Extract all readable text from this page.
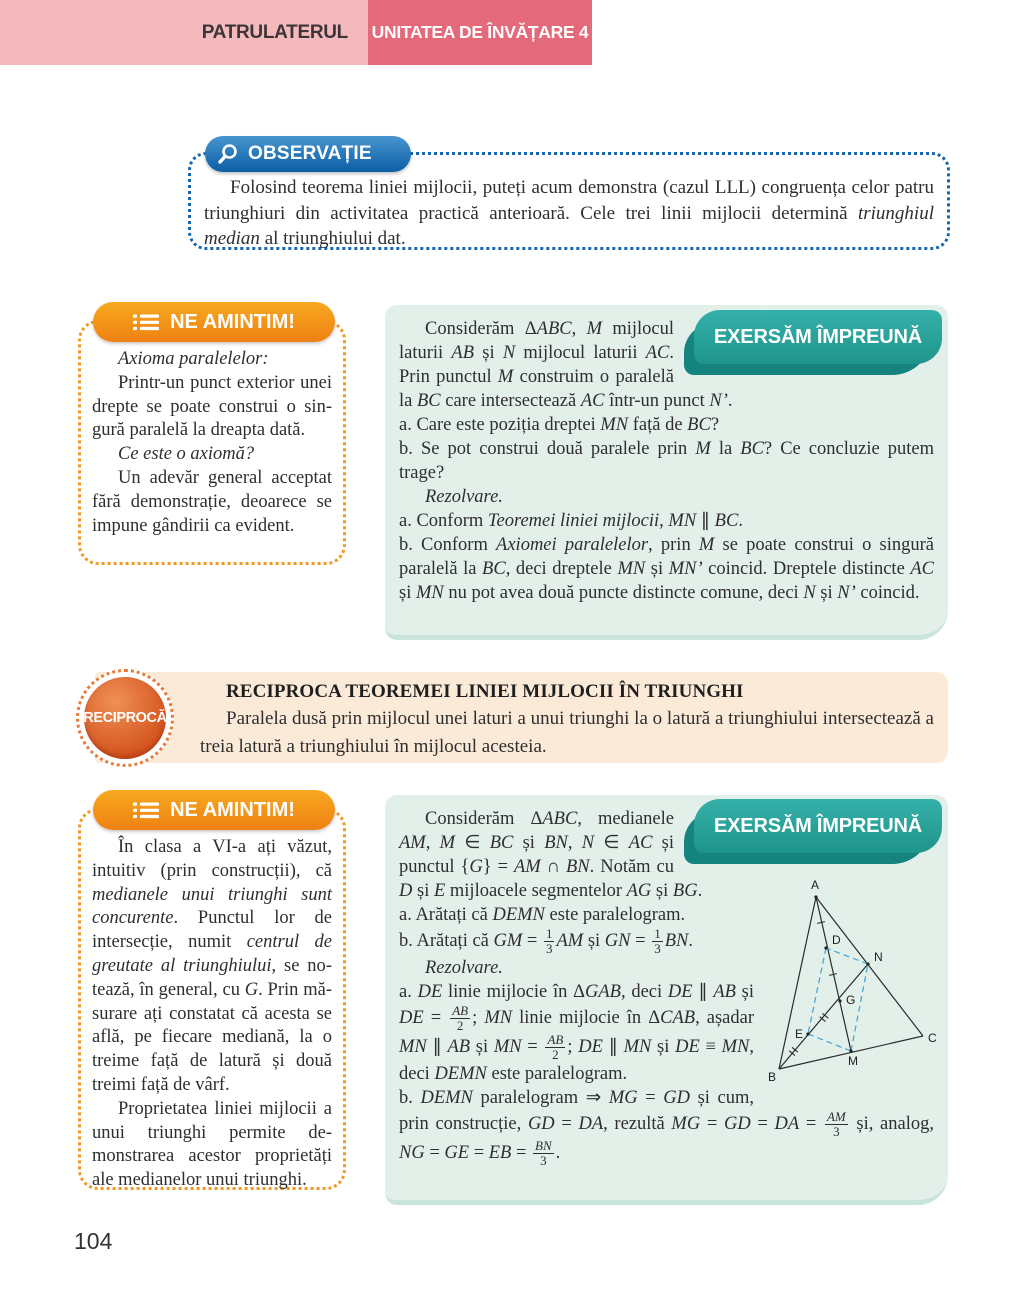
PATRULATERUL UNITATEA DE ÎNVĂȚARE 4
OBSERVAȚIE

Folosind teorema liniei mijlocii, puteți acum demonstra (cazul LLL) congruența celor patru triunghiuri din activitatea practică anterioară. Cele trei linii mijlocii determină triunghiul median al triunghiului dat.

NE AMINTIM!

Axioma paralelelor:

Printr-un punct exterior unei drepte se poate construi o singură paralelă la dreapta dată.

Ce este o axiomă?

Un adevăr general acceptat fără demonstrație, deoarece se impune gândirii ca evident.

EXERSĂM ÎMPREUNĂ

Considerăm ΔABC, M mijlocul laturii AB și N mijlocul laturii AC. Prin punctul M construim o paralelă la BC care intersectează AC într-un punct N’.

a. Care este poziția dreptei MN față de BC?

b. Se pot construi două paralele prin M la BC? Ce concluzie putem trage?

Rezolvare.

a. Conform Teoremei liniei mijlocii, MN ∥ BC.

b. Conform Axiomei paralelelor, prin M se poate construi o singură paralelă la BC, deci dreptele MN și MN’ coincid. Dreptele distincte AC și MN nu pot avea două puncte distincte comune, deci N și N’ coincid.

RECIPROCA TEOREMEI LINIEI MIJLOCII ÎN TRIUNGHI

Paralela dusă prin mijlocul unei laturi a unui triunghi la o latură a triunghiului intersectează a treia latură a triunghiului în mijlocul acesteia.

RECIPROCĂ
NE AMINTIM!

În clasa a VI-a ați văzut, intuitiv (prin construcții), că medianele unui triunghi sunt concurente. Punctul lor de intersecție, numit centrul de greutate al triunghiului, se notează, în general, cu G. Prin măsurare ați constatat că acesta se află, pe fiecare mediană, la o treime față de latură și două treimi față de vârf.

Proprietatea liniei mijlocii a unui triunghi permite demonstrarea acestor proprietăți ale medianelor unui triunghi.

EXERSĂM ÎMPREUNĂ
A
B
C
D
E
G
M
N

Considerăm ΔABC, medianele AM, M ∈ BC și BN, N ∈ AC și punctul {G} = AM ∩ BN. Notăm cu D și E mijloacele segmentelor AG și BG.

a. Arătați că DEMN este paralelogram.

b. Arătați că GM = $\frac{1}{3}$ AM și GN = $\frac{1}{3}$ BN.

Rezolvare.

a. DE linie mijlocie în ΔGAB, deci DE ∥ AB și DE = $\frac{AB}{2}$ ; MN linie mijlocie în ΔCAB, așadar MN ∥ AB și MN = $\frac{AB}{2}$ ; DE ∥ MN și DE ≡ MN, deci DEMN este paralelogram.

b. DEMN paralelogram ⇒ MG = GD și cum, prin construcție, GD = DA, rezultă MG = GD = DA = $\frac{AM}{3}$ și, analog, NG = GE = EB = $\frac{BN}{3}$ .

104
